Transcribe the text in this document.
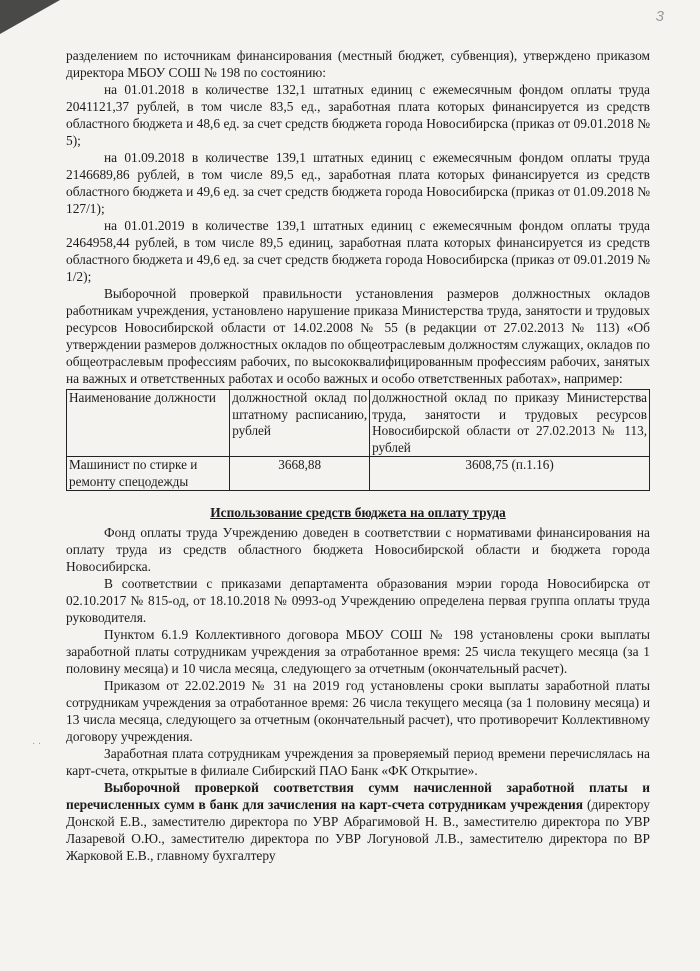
3
· ·

разделением по источникам финансирования (местный бюджет, субвенция), утверждено приказом директора МБОУ СОШ № 198 по состоянию:

на 01.01.2018 в количестве 132,1 штатных единиц с ежемесячным фондом оплаты труда 2041121,37 рублей, в том числе 83,5 ед., заработная плата которых финансируется из средств областного бюджета и 48,6 ед. за счет средств бюджета города Новосибирска (приказ от 09.01.2018 № 5);

на 01.09.2018 в количестве 139,1 штатных единиц с ежемесячным фондом оплаты труда 2146689,86 рублей, в том числе 89,5 ед., заработная плата которых финансируется из средств областного бюджета и 49,6 ед. за счет средств бюджета города Новосибирска (приказ от 01.09.2018 № 127/1);

на 01.01.2019 в количестве 139,1 штатных единиц с ежемесячным фондом оплаты труда 2464958,44 рублей, в том числе 89,5 единиц, заработная плата которых финансируется из средств областного бюджета и 49,6 ед. за счет средств бюджета города Новосибирска (приказ от 09.01.2019 № 1/2);

Выборочной проверкой правильности установления размеров должностных окладов работникам учреждения, установлено нарушение приказа Министерства труда, занятости и трудовых ресурсов Новосибирской области от 14.02.2008 № 55 (в редакции от 27.02.2013 № 113) «Об утверждении размеров должностных окладов по общеотраслевым должностям служащих, окладов по общеотраслевым профессиям рабочих, по высококвалифицированным профессиям рабочих, занятых на важных и ответственных работах и особо важных и особо ответственных работах», например:

Наименование должности	должностной оклад по штатному расписанию, рублей	должностной оклад по приказу Министерства труда, занятости и трудовых ресурсов Новосибирской области от 27.02.2013 № 113, рублей
Машинист по стирке и ремонту спецодежды	3668,88	3608,75 (п.1.16)

Использование средств бюджета на оплату труда

Фонд оплаты труда Учреждению доведен в соответствии с нормативами финансирования на оплату труда из средств областного бюджета Новосибирской области и бюджета города Новосибирска.

В соответствии с приказами департамента образования мэрии города Новосибирска от 02.10.2017 № 815-од, от 18.10.2018 № 0993-од Учреждению определена первая группа оплаты труда руководителя.

Пунктом 6.1.9 Коллективного договора МБОУ СОШ № 198 установлены сроки выплаты заработной платы сотрудникам учреждения за отработанное время: 25 числа текущего месяца (за 1 половину месяца) и 10 числа месяца, следующего за отчетным (окончательный расчет).

Приказом от 22.02.2019 № 31 на 2019 год установлены сроки выплаты заработной платы сотрудникам учреждения за отработанное время: 26 числа текущего месяца (за 1 половину месяца) и 13 числа месяца, следующего за отчетным (окончательный расчет), что противоречит Коллективному договору учреждения.

Заработная плата сотрудникам учреждения за проверяемый период времени перечислялась на карт-счета, открытые в филиале Сибирский ПАО Банк «ФК Открытие».

Выборочной проверкой соответствия сумм начисленной заработной платы и перечисленных сумм в банк для зачисления на карт-счета сотрудникам учреждения (директору Донской Е.В., заместителю директора по УВР Абрагимовой Н. В., заместителю директора по УВР Лазаревой О.Ю., заместителю директора по УВР Логуновой Л.В., заместителю директора по ВР Жарковой Е.В., главному бухгалтеру
